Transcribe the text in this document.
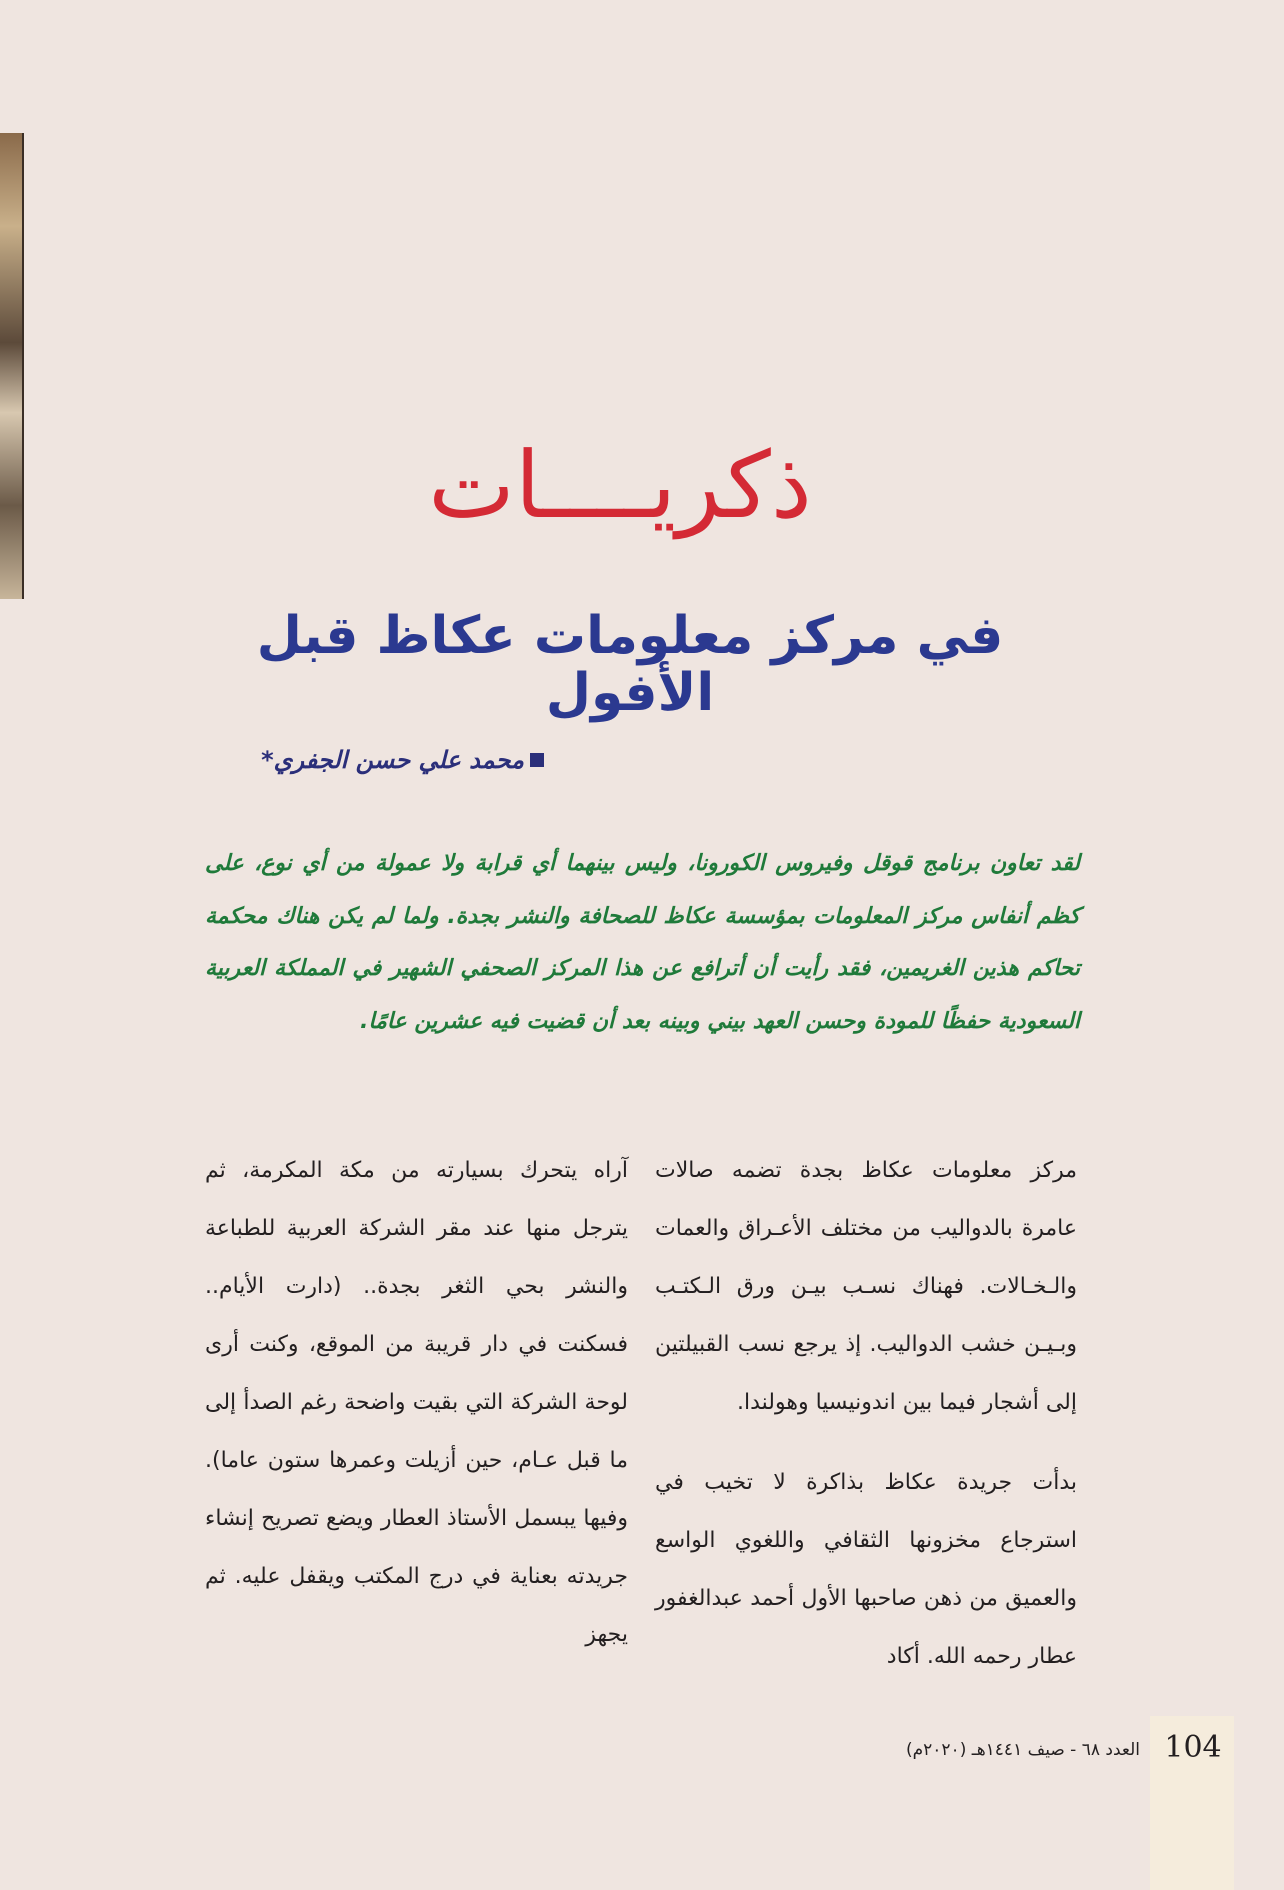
ذكريــــات
في مركز معلومات عكاظ قبل الأفول
محمد علي حسن الجفري*

لقد تعاون برنامج قوقل وفيروس الكورونا، وليس بينهما أي قرابة ولا عمولة من أي نوع، على كظم أنفاس مركز المعلومات بمؤسسة عكاظ للصحافة والنشر بجدة. ولما لم يكن هناك محكمة تحاكم هذين الغريمين، فقد رأيت أن أترافع عن هذا المركز الصحفي الشهير في المملكة العربية السعودية حفظًا للمودة وحسن العهد بيني وبينه بعد أن قضيت فيه عشرين عامًا.

مركز معلومات عكاظ بجدة تضمه صالات عامرة بالدواليب من مختلف الأعـراق والعمات والـخـالات. فهناك نسـب بيـن ورق الـكتـب وبـيـن خشب الدواليب. إذ يرجع نسب القبيلتين إلى أشجار فيما بين اندونيسيا وهولندا.

بدأت جريدة عكاظ بذاكرة لا تخيب في استرجاع مخزونها الثقافي واللغوي الواسع والعميق من ذهن صاحبها الأول أحمد عبدالغفور عطار رحمه الله. أكاد

آراه يتحرك بسيارته من مكة المكرمة، ثم يترجل منها عند مقر الشركة العربية للطباعة والنشر بحي الثغر بجدة.. (دارت الأيام.. فسكنت في دار قريبة من الموقع، وكنت أرى لوحة الشركة التي بقيت واضحة رغم الصدأ إلى ما قبل عـام، حين أزيلت وعمرها ستون عاما). وفيها يبسمل الأستاذ العطار ويضع تصريح إنشاء جريدته بعناية في درج المكتب ويقفل عليه. ثم يجهز

104
العدد ٦٨ - صيف ١٤٤١هـ (٢٠٢٠م)
